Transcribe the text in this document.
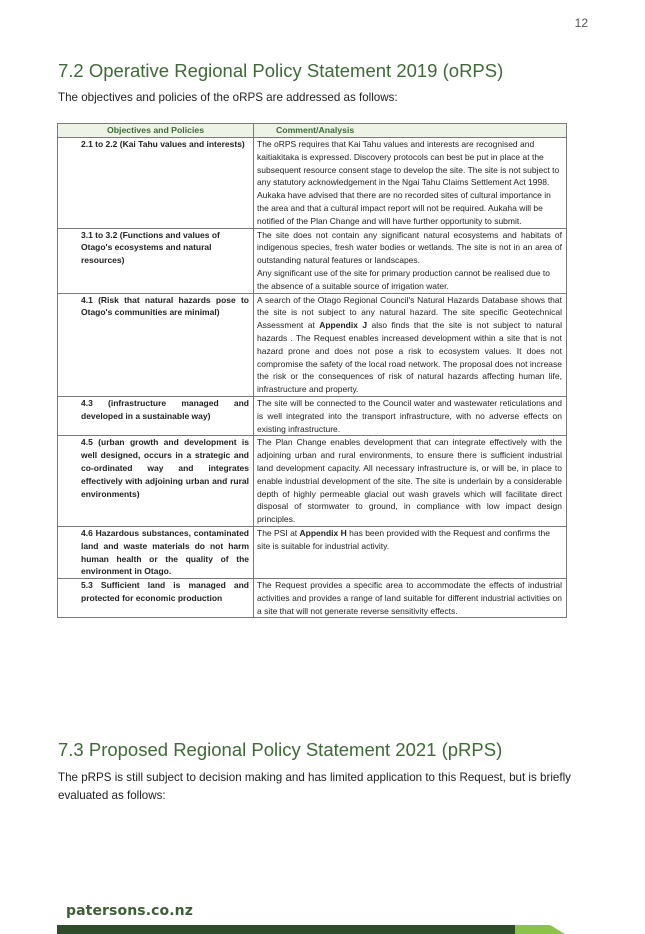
12
7.2 Operative Regional Policy Statement 2019 (oRPS)

The objectives and policies of the oRPS are addressed as follows:

Objectives and Policies	Comment/Analysis
2.1 to 2.2 (Kai Tahu values and interests)	The oRPS requires that Kai Tahu values and interests are recognised and kaitiakitaka is expressed. Discovery protocols can best be put in place at the subsequent resource consent stage to develop the site. The site is not subject to any statutory acknowledgement in the Ngai Tahu Claims Settlement Act 1998. Aukaka have advised that there are no recorded sites of cultural importance in the area and that a cultural impact report will not be required. Aukaha will be notified of the Plan Change and will have further opportunity to submit.

3.1 to 3.2 (Functions and values of Otago's ecosystems and natural resources)	The site does not contain any significant natural ecosystems and habitats of indigenous species, fresh water bodies or wetlands. The site is not in an area of outstanding natural features or landscapes.
Any significant use of the site for primary production cannot be realised due to the absence of a suitable source of irrigation water.

4.1 (Risk that natural hazards pose to Otago's communities are minimal)	A search of the Otago Regional Council's Natural Hazards Database shows that the site is not subject to any natural hazard. The site specific Geotechnical Assessment at Appendix J also finds that the site is not subject to natural hazards . The Request enables increased development within a site that is not hazard prone and does not pose a risk to ecosystem values. It does not compromise the safety of the local road network. The proposal does not increase the risk or the consequences of risk of natural hazards affecting human life, infrastructure and property.
4.3 (infrastructure managed and developed in a sustainable way)	The site will be connected to the Council water and wastewater reticulations and is well integrated into the transport infrastructure, with no adverse effects on existing infrastructure.

4.5 (urban growth and development is well designed, occurs in a strategic and co-ordinated way and integrates effectively with adjoining urban and rural environments)	The Plan Change enables development that can integrate effectively with the adjoining urban and rural environments, to ensure there is sufficient industrial land development capacity. All necessary infrastructure is, or will be, in place to enable industrial development of the site. The site is underlain by a considerable depth of highly permeable glacial out wash gravels which will facilitate direct disposal of stormwater to ground, in compliance with low impact design principles.

4.6 Hazardous substances, contaminated land and waste materials do not harm human health or the quality of the environment in Otago.	The PSI at Appendix H has been provided with the Request and confirms the site is suitable for industrial activity.
5.3 Sufficient land is managed and protected for economic production	The Request provides a specific area to accommodate the effects of industrial activities and provides a range of land suitable for different industrial activities on a site that will not generate reverse sensitivity effects.
7.3 Proposed Regional Policy Statement 2021 (pRPS)

The pRPS is still subject to decision making and has limited application to this Request, but is briefly evaluated as follows:

patersons.co.nz
